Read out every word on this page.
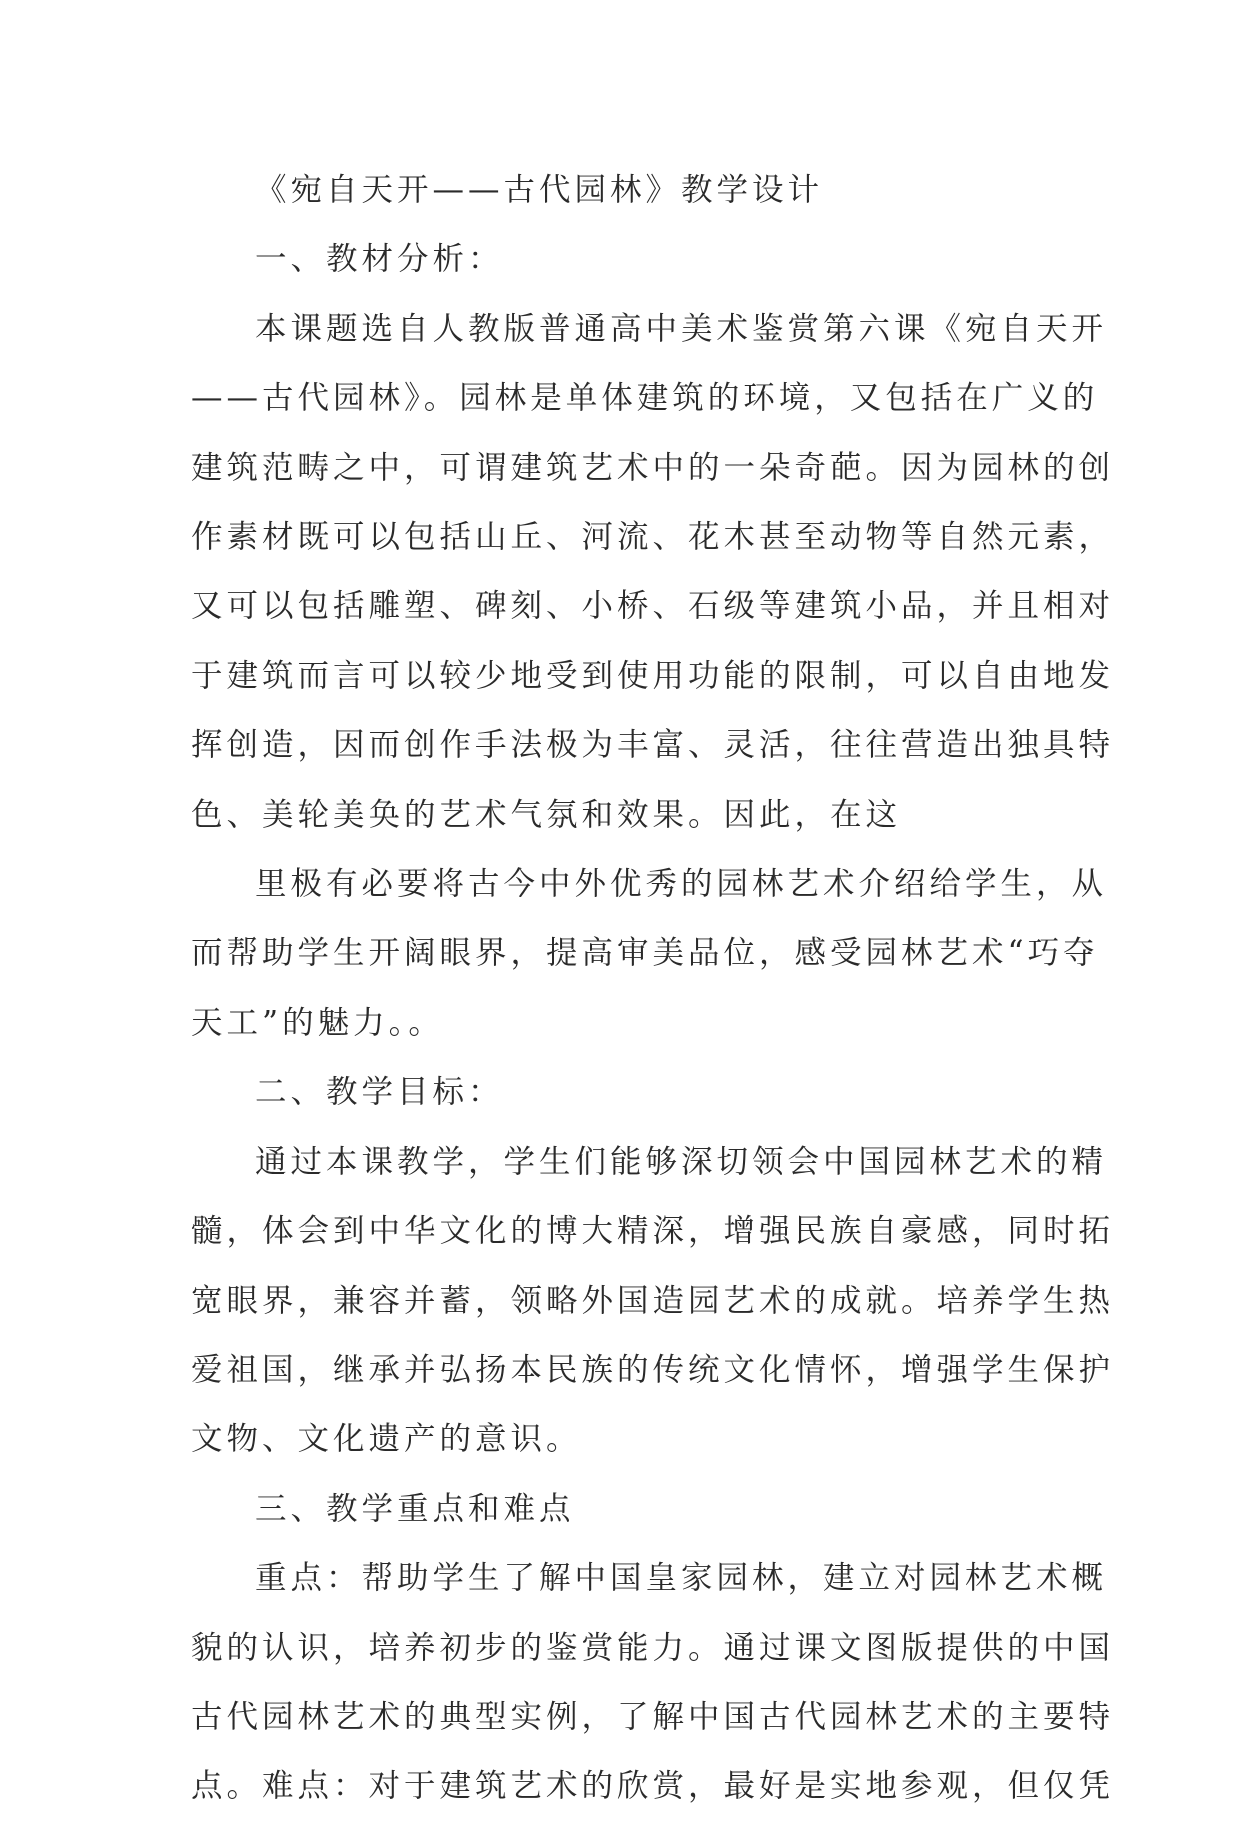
《宛自天开——古代园林》教学设计
一、教材分析：
本课题选自人教版普通高中美术鉴赏第六课《宛自天开
——古代园林》。园林是单体建筑的环境，又包括在广义的
建筑范畴之中，可谓建筑艺术中的一朵奇葩。因为园林的创
作素材既可以包括山丘、河流、花木甚至动物等自然元素，
又可以包括雕塑、碑刻、小桥、石级等建筑小品，并且相对
于建筑而言可以较少地受到使用功能的限制，可以自由地发
挥创造，因而创作手法极为丰富、灵活，往往营造出独具特
色、美轮美奂的艺术气氛和效果。因此，在这
里极有必要将古今中外优秀的园林艺术介绍给学生，从
而帮助学生开阔眼界，提高审美品位，感受园林艺术“巧夺
天工”的魅力。。
二、教学目标：
通过本课教学，学生们能够深切领会中国园林艺术的精
髓，体会到中华文化的博大精深，增强民族自豪感，同时拓
宽眼界，兼容并蓄，领略外国造园艺术的成就。培养学生热
爱祖国，继承并弘扬本民族的传统文化情怀，增强学生保护
文物、文化遗产的意识。
三、教学重点和难点
重点：帮助学生了解中国皇家园林，建立对园林艺术概
貌的认识，培养初步的鉴赏能力。通过课文图版提供的中国
古代园林艺术的典型实例，了解中国古代园林艺术的主要特
点。难点：对于建筑艺术的欣赏，最好是实地参观，但仅凭
